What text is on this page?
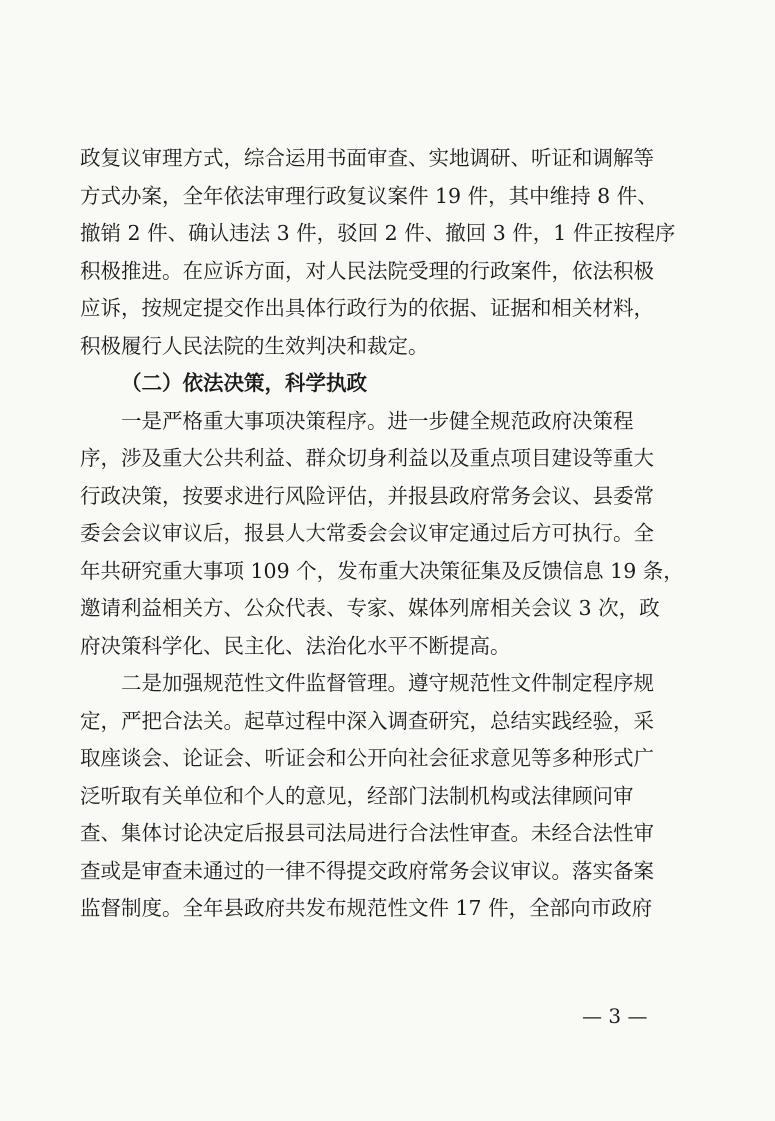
政复议审理方式，综合运用书面审查、实地调研、听证和调解等
方式办案，全年依法审理行政复议案件 19 件，其中维持 8 件、
撤销 2 件、确认违法 3 件，驳回 2 件、撤回 3 件，1 件正按程序
积极推进。在应诉方面，对人民法院受理的行政案件，依法积极
应诉，按规定提交作出具体行政行为的依据、证据和相关材料，
积极履行人民法院的生效判决和裁定。
（二）依法决策，科学执政
一是严格重大事项决策程序。进一步健全规范政府决策程
序，涉及重大公共利益、群众切身利益以及重点项目建设等重大
行政决策，按要求进行风险评估，并报县政府常务会议、县委常
委会会议审议后，报县人大常委会会议审定通过后方可执行。全
年共研究重大事项 109 个，发布重大决策征集及反馈信息 19 条，
邀请利益相关方、公众代表、专家、媒体列席相关会议 3 次，政
府决策科学化、民主化、法治化水平不断提高。
二是加强规范性文件监督管理。遵守规范性文件制定程序规
定，严把合法关。起草过程中深入调查研究，总结实践经验，采
取座谈会、论证会、听证会和公开向社会征求意见等多种形式广
泛听取有关单位和个人的意见，经部门法制机构或法律顾问审
查、集体讨论决定后报县司法局进行合法性审查。未经合法性审
查或是审查未通过的一律不得提交政府常务会议审议。落实备案
监督制度。全年县政府共发布规范性文件 17 件，全部向市政府
— 3 —
